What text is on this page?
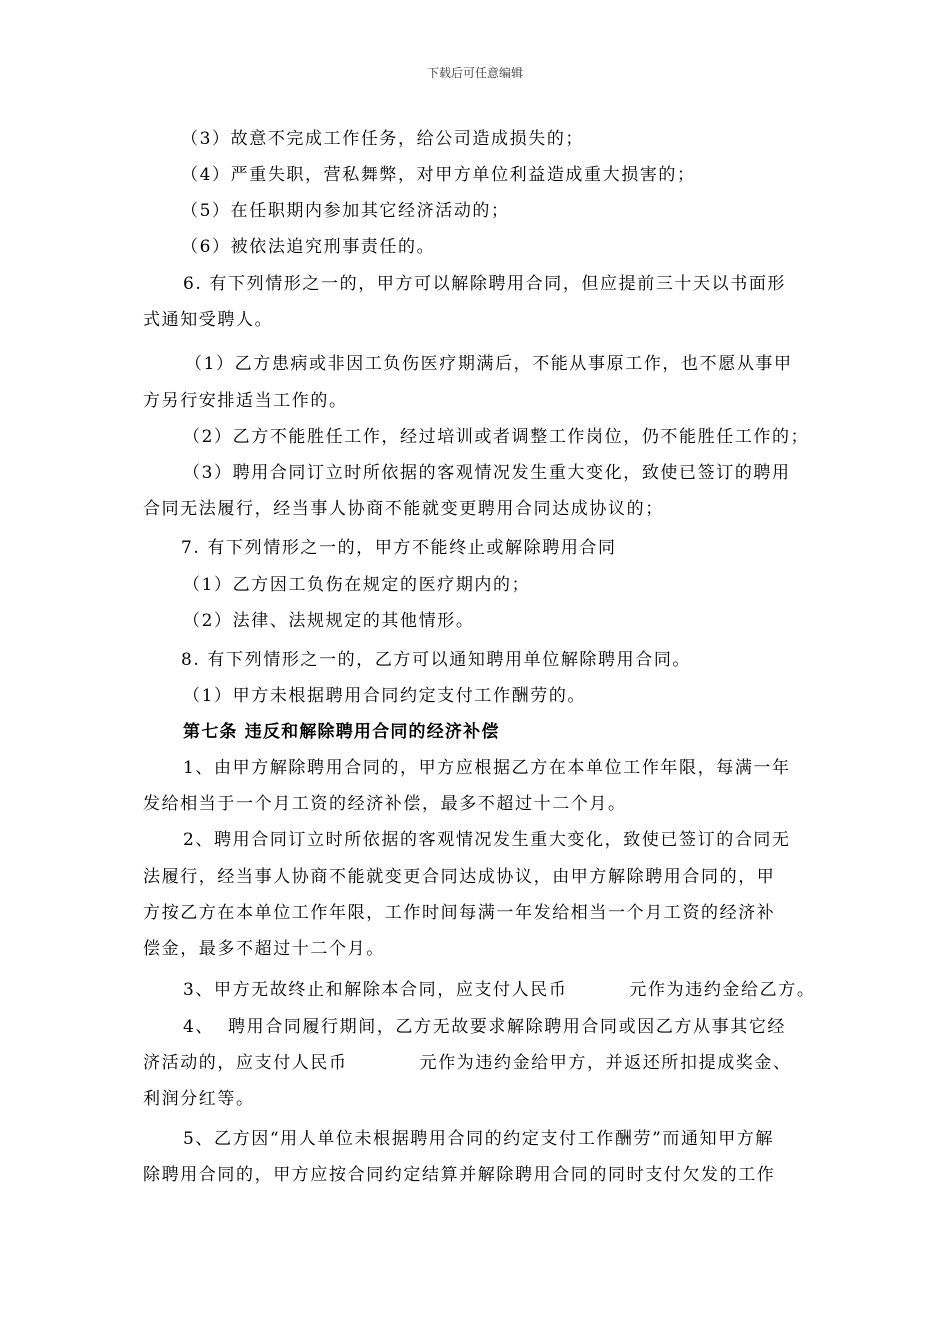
下载后可任意编辑
（3）故意不完成工作任务，给公司造成损失的；
（4）严重失职，营私舞弊，对甲方单位利益造成重大损害的；
（5）在任职期内参加其它经济活动的；
（6）被依法追究刑事责任的。
6. 有下列情形之一的，甲方可以解除聘用合同，但应提前三十天以书面形
式通知受聘人。
（1）乙方患病或非因工负伤医疗期满后，不能从事原工作，也不愿从事甲
方另行安排适当工作的。
（2）乙方不能胜任工作，经过培训或者调整工作岗位，仍不能胜任工作的；
（3）聘用合同订立时所依据的客观情况发生重大变化，致使已签订的聘用
合同无法履行，经当事人协商不能就变更聘用合同达成协议的；
7. 有下列情形之一的，甲方不能终止或解除聘用合同
（1）乙方因工负伤在规定的医疗期内的；
（2）法律、法规规定的其他情形。
8. 有下列情形之一的，乙方可以通知聘用单位解除聘用合同。
（1）甲方未根据聘用合同约定支付工作酬劳的。
第七条 违反和解除聘用合同的经济补偿
1、由甲方解除聘用合同的，甲方应根据乙方在本单位工作年限，每满一年
发给相当于一个月工资的经济补偿，最多不超过十二个月。
2、聘用合同订立时所依据的客观情况发生重大变化，致使已签订的合同无
法履行，经当事人协商不能就变更合同达成协议，由甲方解除聘用合同的，甲
方按乙方在本单位工作年限，工作时间每满一年发给相当一个月工资的经济补
偿金，最多不超过十二个月。
3、甲方无故终止和解除本合同，应支付人民币	元作为违约金给乙方。
4、 聘用合同履行期间，乙方无故要求解除聘用合同或因乙方从事其它经
济活动的，应支付人民币	元作为违约金给甲方，并返还所扣提成奖金、
利润分红等。
5、乙方因“用人单位未根据聘用合同的约定支付工作酬劳”而通知甲方解
除聘用合同的，甲方应按合同约定结算并解除聘用合同的同时支付欠发的工作
